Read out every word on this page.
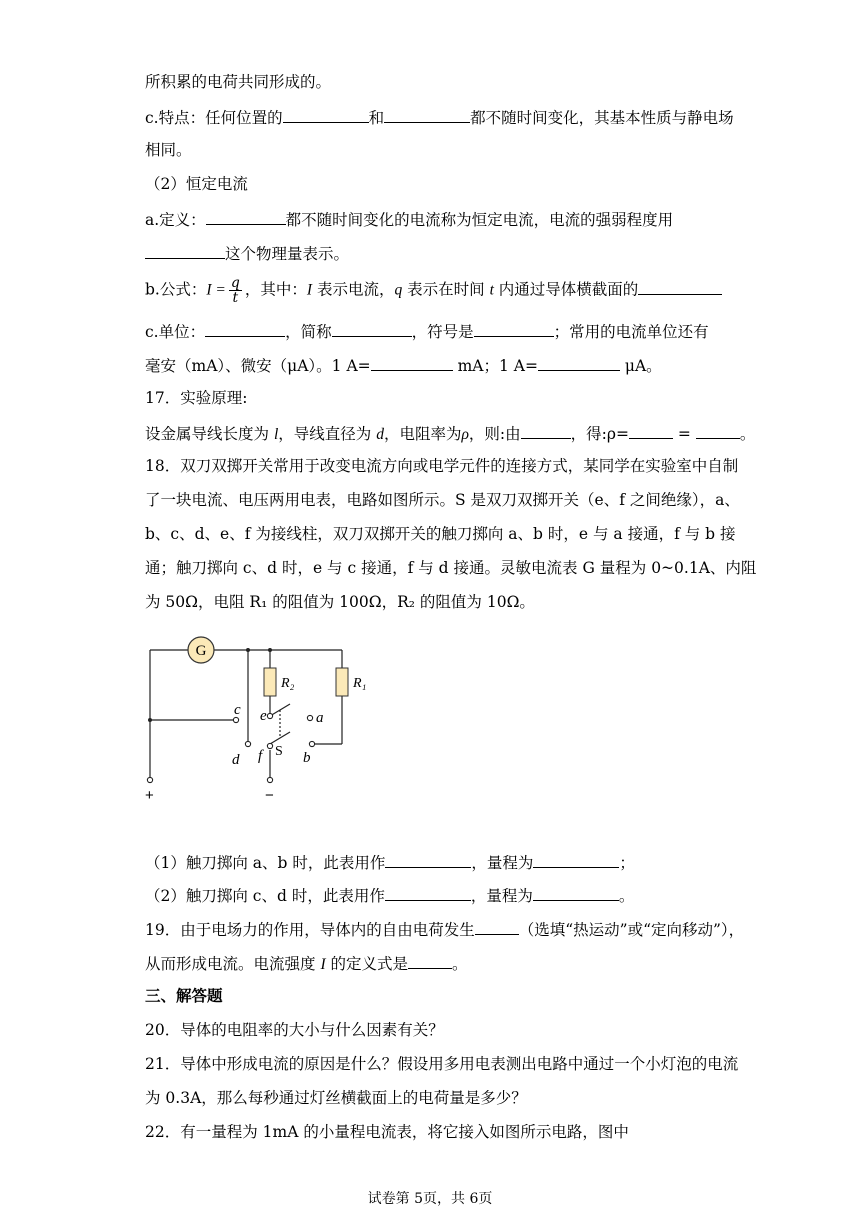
所积累的电荷共同形成的。
c.特点：任何位置的	和	都不随时间变化，其基本性质与静电场
相同。
（2）恒定电流
a.定义：	都不随时间变化的电流称为恒定电流，电流的强弱程度用
这个物理量表示。
b.公式：$I = \frac{q}{t}$ ，其中：I 表示电流，q 表示在时间 t 内通过导体横截面的
c.单位：	，简称	，符号是	；常用的电流单位还有
毫安（mA）、微安（μA）。1 A=	mA；1 A=	μA。
17．实验原理:
设金属导线长度为 l，导线直径为 d，电阻率为ρ，则:由	，得:ρ=	=	。
18．双刀双掷开关常用于改变电流方向或电学元件的连接方式，某同学在实验室中自制
了一块电流、电压两用电表，电路如图所示。S 是双刀双掷开关（e、f 之间绝缘），a、
b、c、d、e、f 为接线柱，双刀双掷开关的触刀掷向 a、b 时，e 与 a 接通，f 与 b 接
通；触刀掷向 c、d 时，e 与 c 接通，f 与 d 接通。灵敏电流表 G 量程为 0~0.1A、内阻
为 50Ω，电阻 R₁ 的阻值为 100Ω，R₂ 的阻值为 10Ω。
G
R₂	R₁
c
d
e	a
f	b
S
+	−
（1）触刀掷向 a、b 时，此表用作	，量程为	；
（2）触刀掷向 c、d 时，此表用作	，量程为	。
19．由于电场力的作用，导体内的自由电荷发生	（选填“热运动”或“定向移动”），
从而形成电流。电流强度 I 的定义式是	。
三、解答题
20．导体的电阻率的大小与什么因素有关？
21．导体中形成电流的原因是什么？假设用多用电表测出电路中通过一个小灯泡的电流
为 0.3A，那么每秒通过灯丝横截面上的电荷量是多少？
22．有一量程为 1mA 的小量程电流表，将它接入如图所示电路，图中
试卷第 5页，共 6页
